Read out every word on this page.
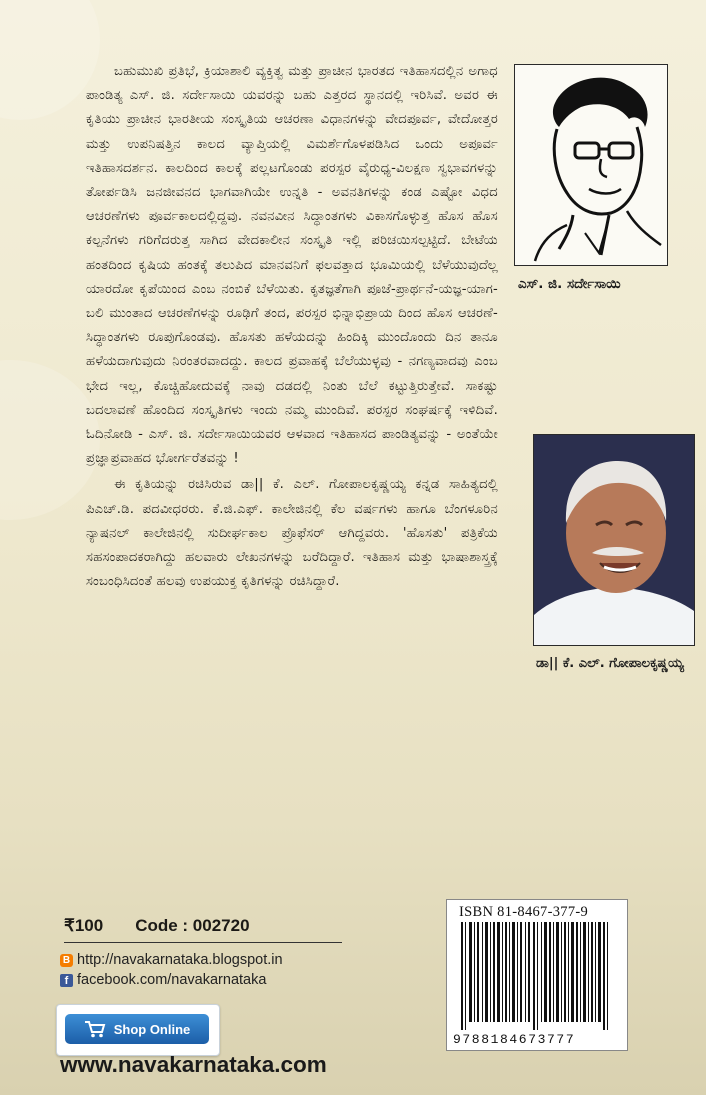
ಬಹುಮುಖಿ ಪ್ರತಿಭೆ, ಕ್ರಿಯಾಶಾಲಿ ವ್ಯಕ್ತಿತ್ವ ಮತ್ತು ಪ್ರಾಚೀನ ಭಾರತದ ಇತಿಹಾಸದಲ್ಲಿನ ಅಗಾಧ ಪಾಂಡಿತ್ಯ ಎಸ್. ಜಿ. ಸರ್ದೇಸಾಯಿ ಯವರನ್ನು ಬಹು ಎತ್ತರದ ಸ್ಥಾನದಲ್ಲಿ ಇರಿಸಿವೆ. ಅವರ ಈ ಕೃತಿಯು ಪ್ರಾಚೀನ ಭಾರತೀಯ ಸಂಸ್ಕೃತಿಯ ಆಚರಣಾ ವಿಧಾನಗಳನ್ನು ವೇದಪೂರ್ವ, ವೇದೋತ್ತರ ಮತ್ತು ಉಪನಿಷತ್ತಿನ ಕಾಲದ ವ್ಯಾಪ್ತಿಯಲ್ಲಿ ವಿಮರ್ಶೆಗೊಳಪಡಿಸಿದ ಒಂದು ಅಪೂರ್ವ ಇತಿಹಾಸದರ್ಶನ. ಕಾಲದಿಂದ ಕಾಲಕ್ಕೆ ಪಲ್ಲಟಗೊಂಡು ಪರಸ್ಪರ ವೈರುಧ್ಯ-ವಿಲಕ್ಷಣ ಸ್ವಭಾವಗಳನ್ನು ತೋರ್ಪಡಿಸಿ ಜನಜೀವನದ ಭಾಗವಾಗಿಯೇ ಉನ್ನತಿ - ಅವನತಿಗಳನ್ನು ಕಂಡ ಎಷ್ಟೋ ವಿಧದ ಆಚರಣೆಗಳು ಪೂರ್ವಕಾಲದಲ್ಲಿದ್ದವು. ನವನವೀನ ಸಿದ್ಧಾಂತಗಳು ವಿಕಾಸಗೊಳ್ಳುತ್ತ ಹೊಸ ಹೊಸ ಕಲ್ಪನೆಗಳು ಗರಿಗೆದರುತ್ತ ಸಾಗಿದ ವೇದಕಾಲೀನ ಸಂಸ್ಕೃತಿ ಇಲ್ಲಿ ಪರಿಚಯಿಸಲ್ಪಟ್ಟಿದೆ. ಬೇಟೆಯ ಹಂತದಿಂದ ಕೃಷಿಯ ಹಂತಕ್ಕೆ ತಲುಪಿದ ಮಾನವನಿಗೆ ಫಲವತ್ತಾದ ಭೂಮಿಯಲ್ಲಿ ಬೆಳೆಯುವುದೆಲ್ಲ ಯಾರದೋ ಕೃಪೆಯಿಂದ ಎಂಬ ನಂಬಿಕೆ ಬೆಳೆಯಿತು. ಕೃತಜ್ಞತೆಗಾಗಿ ಪೂಜೆ-ಪ್ರಾರ್ಥನೆ-ಯಜ್ಞ-ಯಾಗ-ಬಲಿ ಮುಂತಾದ ಆಚರಣೆಗಳನ್ನು ರೂಢಿಗೆ ತಂದ, ಪರಸ್ಪರ ಭಿನ್ನಾಭಿಪ್ರಾಯ ದಿಂದ ಹೊಸ ಆಚರಣೆ-ಸಿದ್ಧಾಂತಗಳು ರೂಪುಗೊಂಡವು. ಹೊಸತು ಹಳೆಯದನ್ನು ಹಿಂದಿಕ್ಕಿ ಮುಂದೊಂದು ದಿನ ತಾನೂ ಹಳೆಯದಾಗುವುದು ನಿರಂತರವಾದದ್ದು. ಕಾಲದ ಪ್ರವಾಹಕ್ಕೆ ಬೆಲೆಯುಳ್ಳವು - ನಗಣ್ಯವಾದವು ಎಂಬ ಭೇದ ಇಲ್ಲ, ಕೊಚ್ಚಿಹೋದುವಕ್ಕೆ ನಾವು ದಡದಲ್ಲಿ ನಿಂತು ಬೆಲೆ ಕಟ್ಟುತ್ತಿರುತ್ತೇವೆ. ಸಾಕಷ್ಟು ಬದಲಾವಣೆ ಹೊಂದಿದ ಸಂಸ್ಕೃತಿಗಳು ಇಂದು ನಮ್ಮ ಮುಂದಿವೆ. ಪರಸ್ಪರ ಸಂಘರ್ಷಕ್ಕೆ ಇಳಿದಿವೆ. ಓದಿನೋಡಿ - ಎಸ್. ಜಿ. ಸರ್ದೇಸಾಯಿಯವರ ಆಳವಾದ ಇತಿಹಾಸದ ಪಾಂಡಿತ್ಯವನ್ನು - ಅಂತೆಯೇ ಪ್ರಜ್ಞಾಪ್ರವಾಹದ ಭೋರ್ಗರೆತವನ್ನು !

ಈ ಕೃತಿಯನ್ನು ರಚಿಸಿರುವ ಡಾ|| ಕೆ. ಎಲ್. ಗೋಪಾಲಕೃಷ್ಣಯ್ಯ ಕನ್ನಡ ಸಾಹಿತ್ಯದಲ್ಲಿ ಪಿಎಚ್.ಡಿ. ಪದವೀಧರರು. ಕೆ.ಜಿ.ಎಫ್. ಕಾಲೇಜಿನಲ್ಲಿ ಕೆಲ ವರ್ಷಗಳು ಹಾಗೂ ಬೆಂಗಳೂರಿನ ನ್ಯಾಷನಲ್ ಕಾಲೇಜಿನಲ್ಲಿ ಸುದೀರ್ಘಕಾಲ ಪ್ರೊಫೆಸರ್ ಆಗಿದ್ದವರು. 'ಹೊಸತು' ಪತ್ರಿಕೆಯ ಸಹಸಂಪಾದಕರಾಗಿದ್ದು ಹಲವಾರು ಲೇಖನಗಳನ್ನು ಬರೆದಿದ್ದಾರೆ. ಇತಿಹಾಸ ಮತ್ತು ಭಾಷಾಶಾಸ್ತ್ರಕ್ಕೆ ಸಂಬಂಧಿಸಿದಂತೆ ಹಲವು ಉಪಯುಕ್ತ ಕೃತಿಗಳನ್ನು ರಚಿಸಿದ್ದಾರೆ.

ಎಸ್. ಜಿ. ಸರ್ದೇಸಾಯಿ
ಡಾ|| ಕೆ. ಎಲ್. ಗೋಪಾಲಕೃಷ್ಣಯ್ಯ
₹100 Code : 002720
B http://navakarnataka.blogspot.in
f facebook.com/navakarnataka
Shop Online
www.navakarnataka.com
ISBN 81-8467-377-9
9788184673777
